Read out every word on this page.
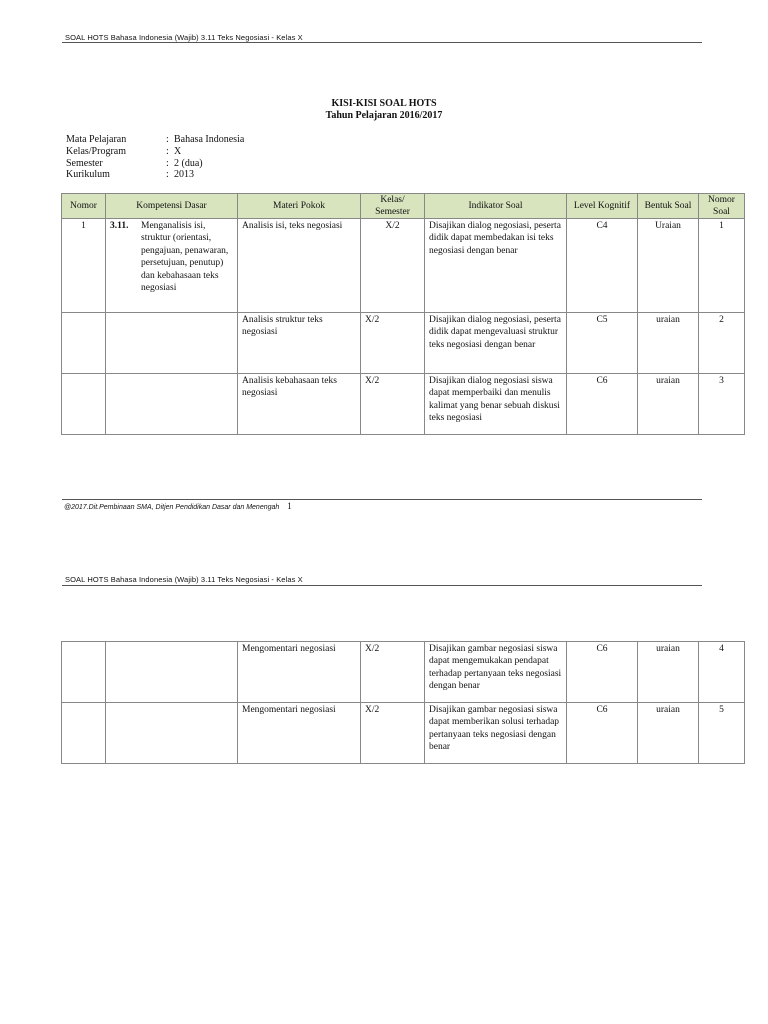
SOAL HOTS Bahasa Indonesia (Wajib) 3.11 Teks Negosiasi - Kelas X
KISI-KISI SOAL HOTS
Tahun Pelajaran 2016/2017
Mata Pelajaran	: Bahasa Indonesia
Kelas/Program	: X
Semester	: 2 (dua)
Kurikulum	: 2013
Nomor	Kompetensi Dasar	Materi Pokok	Kelas/ Semester	Indikator Soal	Level Kognitif	Bentuk Soal	Nomor Soal
1	3.11. Menganalisis isi, struktur (orientasi, pengajuan, penawaran, persetujuan, penutup) dan kebahasaan teks negosiasi	Analisis isi, teks negosiasi	X/2	Disajikan dialog negosiasi, peserta didik dapat membedakan isi teks negosiasi dengan benar	C4	Uraian	1
		Analisis struktur teks negosiasi	X/2	Disajikan dialog negosiasi, peserta didik dapat mengevaluasi struktur teks negosiasi dengan benar	C5	uraian	2
		Analisis kebahasaan teks negosiasi	X/2	Disajikan dialog negosiasi siswa dapat memperbaiki dan menulis kalimat yang benar sebuah diskusi teks negosiasi	C6	uraian	3
@2017.Dit.Pembinaan SMA, Ditjen Pendidikan Dasar dan Menengah 1
SOAL HOTS Bahasa Indonesia (Wajib) 3.11 Teks Negosiasi - Kelas X
		Mengomentari negosiasi	X/2	Disajikan gambar negosiasi siswa dapat mengemukakan pendapat terhadap pertanyaan teks negosiasi dengan benar	C6	uraian	4
		Mengomentari negosiasi	X/2	Disajikan gambar negosiasi siswa dapat memberikan solusi terhadap pertanyaan teks negosiasi dengan benar	C6	uraian	5
